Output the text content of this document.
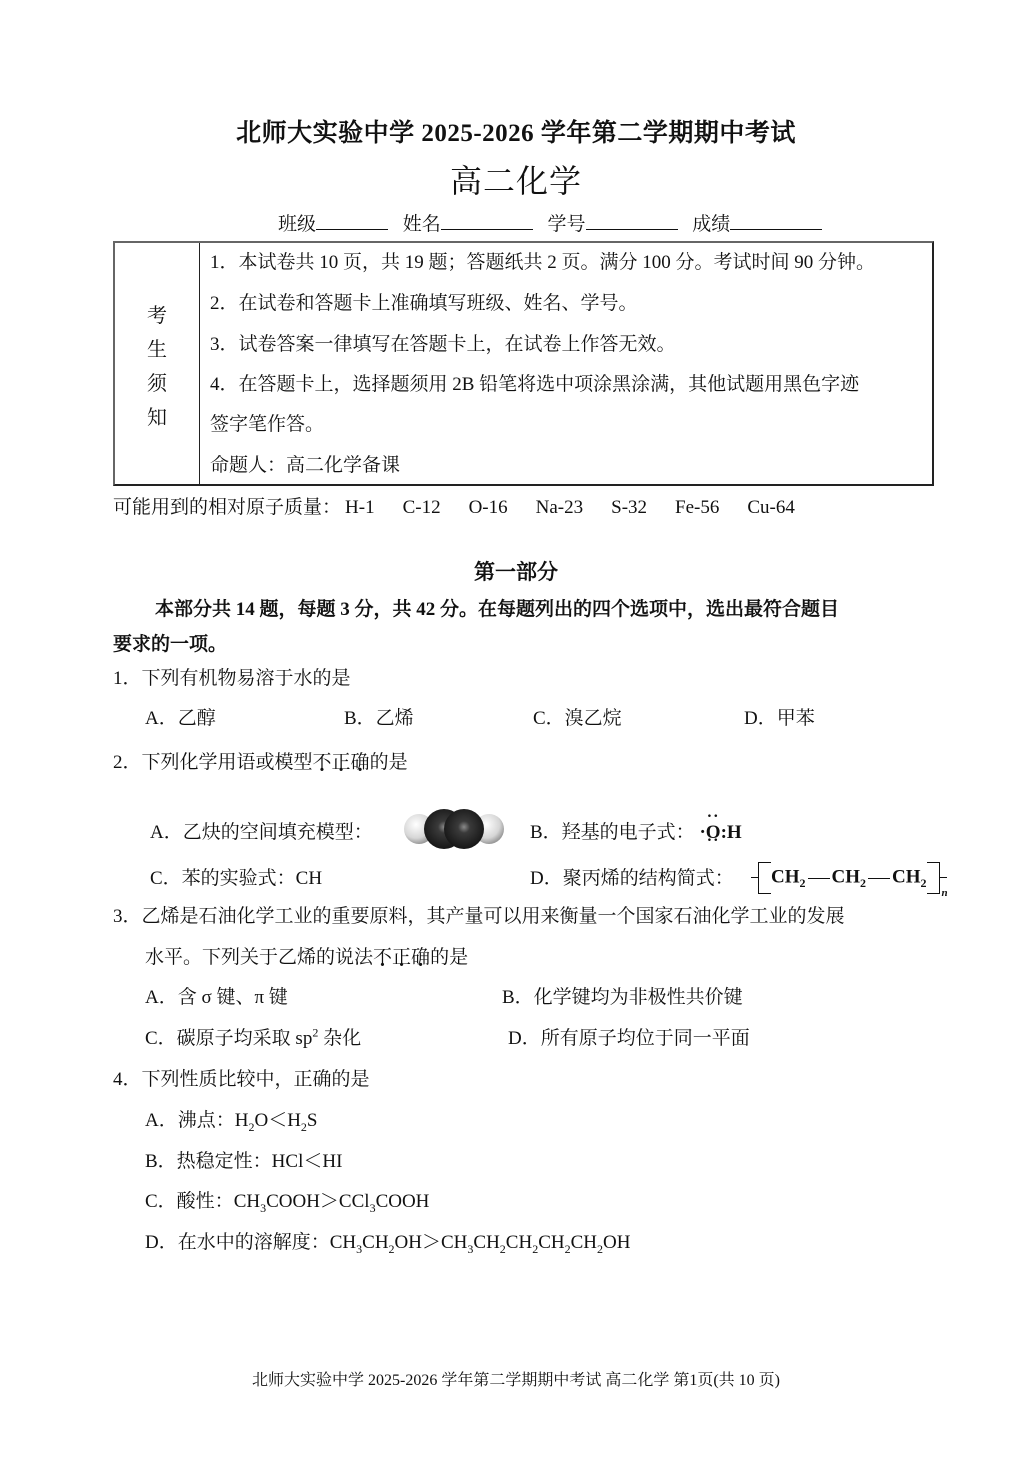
北师大实验中学 2025-2026 学年第二学期期中考试
高二化学
班级	姓名	学号	成绩
考
生
须
知
1．本试卷共 10 页，共 19 题；答题纸共 2 页。满分 100 分。考试时间 90 分钟。
2．在试卷和答题卡上准确填写班级、姓名、学号。
3．试卷答案一律填写在答题卡上，在试卷上作答无效。
4．在答题卡上，选择题须用 2B 铅笔将选中项涂黑涂满，其他试题用黑色字迹
签字笔作答。
命题人：高二化学备课
可能用到的相对原子质量： H-1 C-12 O-16 Na-23 S-32 Fe-56 Cu-64
第一部分
本部分共 14 题，每题 3 分，共 42 分。在每题列出的四个选项中，选出最符合题目
要求的一项。
1．下列有机物易溶于水的是
A．乙醇	B．乙烯	C．溴乙烷	D．甲苯
2．下列化学用语或模型不正确的是
A．乙炔的空间填充模型：	B．羟基的电子式： ··· O ··:H
C．苯的实验式：CH	D．聚丙烯的结构简式：	$CH_2$ $CH_2$ $CH_{2n}$
3．乙烯是石油化学工业的重要原料，其产量可以用来衡量一个国家石油化学工业的发展
水平。下列关于乙烯的说法不正确的是
A．含 σ 键、π 键	B．化学键均为非极性共价键
C．碳原子均采取 $sp^2$ 杂化	D．所有原子均位于同一平面
4．下列性质比较中，正确的是
A．沸点：$H_2O<H_2S$
B．热稳定性：HCl＜HI
C．酸性：$CH_3COOH>CCl_3COOH$
D．在水中的溶解度：$CH_3CH_2OH>CH_3CH_2CH_2CH_2CH_2OH$
北师大实验中学 2025-2026 学年第二学期期中考试 高二化学 第1页(共 10 页)
